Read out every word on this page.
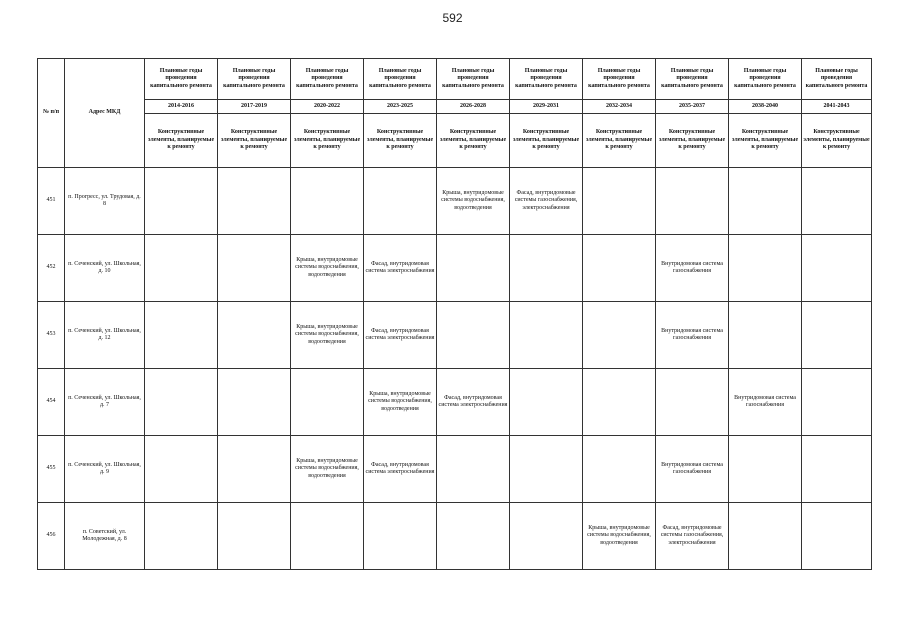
592
№ п/п	Адрес МКД	Плановые годы проведения капитального ремонта	Плановые годы проведения капитального ремонта	Плановые годы проведения капитального ремонта	Плановые годы проведения капитального ремонта	Плановые годы проведения капитального ремонта	Плановые годы проведения капитального ремонта	Плановые годы проведения капитального ремонта	Плановые годы проведения капитального ремонта	Плановые годы проведения капитального ремонта	Плановые годы проведения капитального ремонта
		2014-2016	2017-2019	2020-2022	2023-2025	2026-2028	2029-2031	2032-2034	2035-2037	2038-2040	2041-2043
		Конструктивные элементы, планируемые к ремонту	Конструктивные элементы, планируемые к ремонту	Конструктивные элементы, планируемые к ремонту	Конструктивные элементы, планируемые к ремонту	Конструктивные элементы, планируемые к ремонту	Конструктивные элементы, планируемые к ремонту	Конструктивные элементы, планируемые к ремонту	Конструктивные элементы, планируемые к ремонту	Конструктивные элементы, планируемые к ремонту	Конструктивные элементы, планируемые к ремонту
451	п. Прогресс, ул. Трудовая, д. 8					Крыша, внутридомовые системы водоснабжения, водоотведения	Фасад, внутридомовые системы газоснабжения, электроснабжения				
452	п. Сеченский, ул. Школьная, д. 10			Крыша, внутридомовые системы водоснабжения, водоотведения	Фасад, внутридомовая система электроснабжения				Внутридомовая система газоснабжения		
453	п. Сеченский, ул. Школьная, д. 12			Крыша, внутридомовые системы водоснабжения, водоотведения	Фасад, внутридомовая система электроснабжения				Внутридомовая система газоснабжения		
454	п. Сеченский, ул. Школьная, д. 7				Крыша, внутридомовые системы водоснабжения, водоотведения	Фасад, внутридомовая система электроснабжения				Внутридомовая система газоснабжения	
455	п. Сеченский, ул. Школьная, д. 9			Крыша, внутридомовые системы водоснабжения, водоотведения	Фасад, внутридомовая система электроснабжения				Внутридомовая система газоснабжения		
456	п. Советский, ул. Молодежная, д. 8							Крыша, внутридомовые системы водоснабжения, водоотведения	Фасад, внутридомовые системы газоснабжения, электроснабжения		
